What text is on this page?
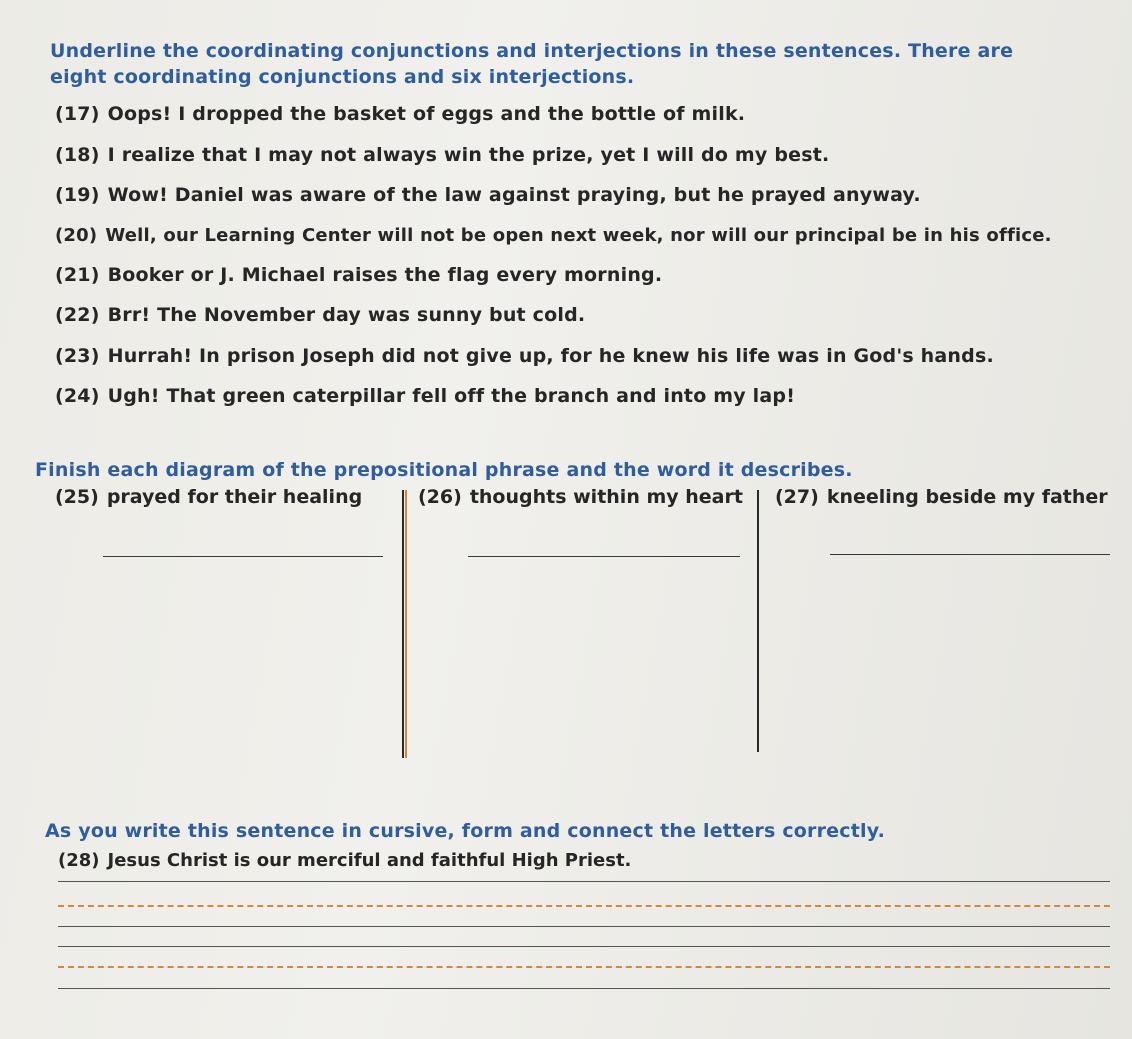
Underline the coordinating conjunctions and interjections in these sentences. There are eight coordinating conjunctions and six interjections.
(17) Oops! I dropped the basket of eggs and the bottle of milk.
(18) I realize that I may not always win the prize, yet I will do my best.
(19) Wow! Daniel was aware of the law against praying, but he prayed anyway.
(20) Well, our Learning Center will not be open next week, nor will our principal be in his office.
(21) Booker or J. Michael raises the flag every morning.
(22) Brr! The November day was sunny but cold.
(23) Hurrah! In prison Joseph did not give up, for he knew his life was in God's hands.
(24) Ugh! That green caterpillar fell off the branch and into my lap!
Finish each diagram of the prepositional phrase and the word it describes.
(25) prayed for their healing	(26) thoughts within my heart (27) kneeling beside my father
As you write this sentence in cursive, form and connect the letters correctly.
(28) Jesus Christ is our merciful and faithful High Priest.
